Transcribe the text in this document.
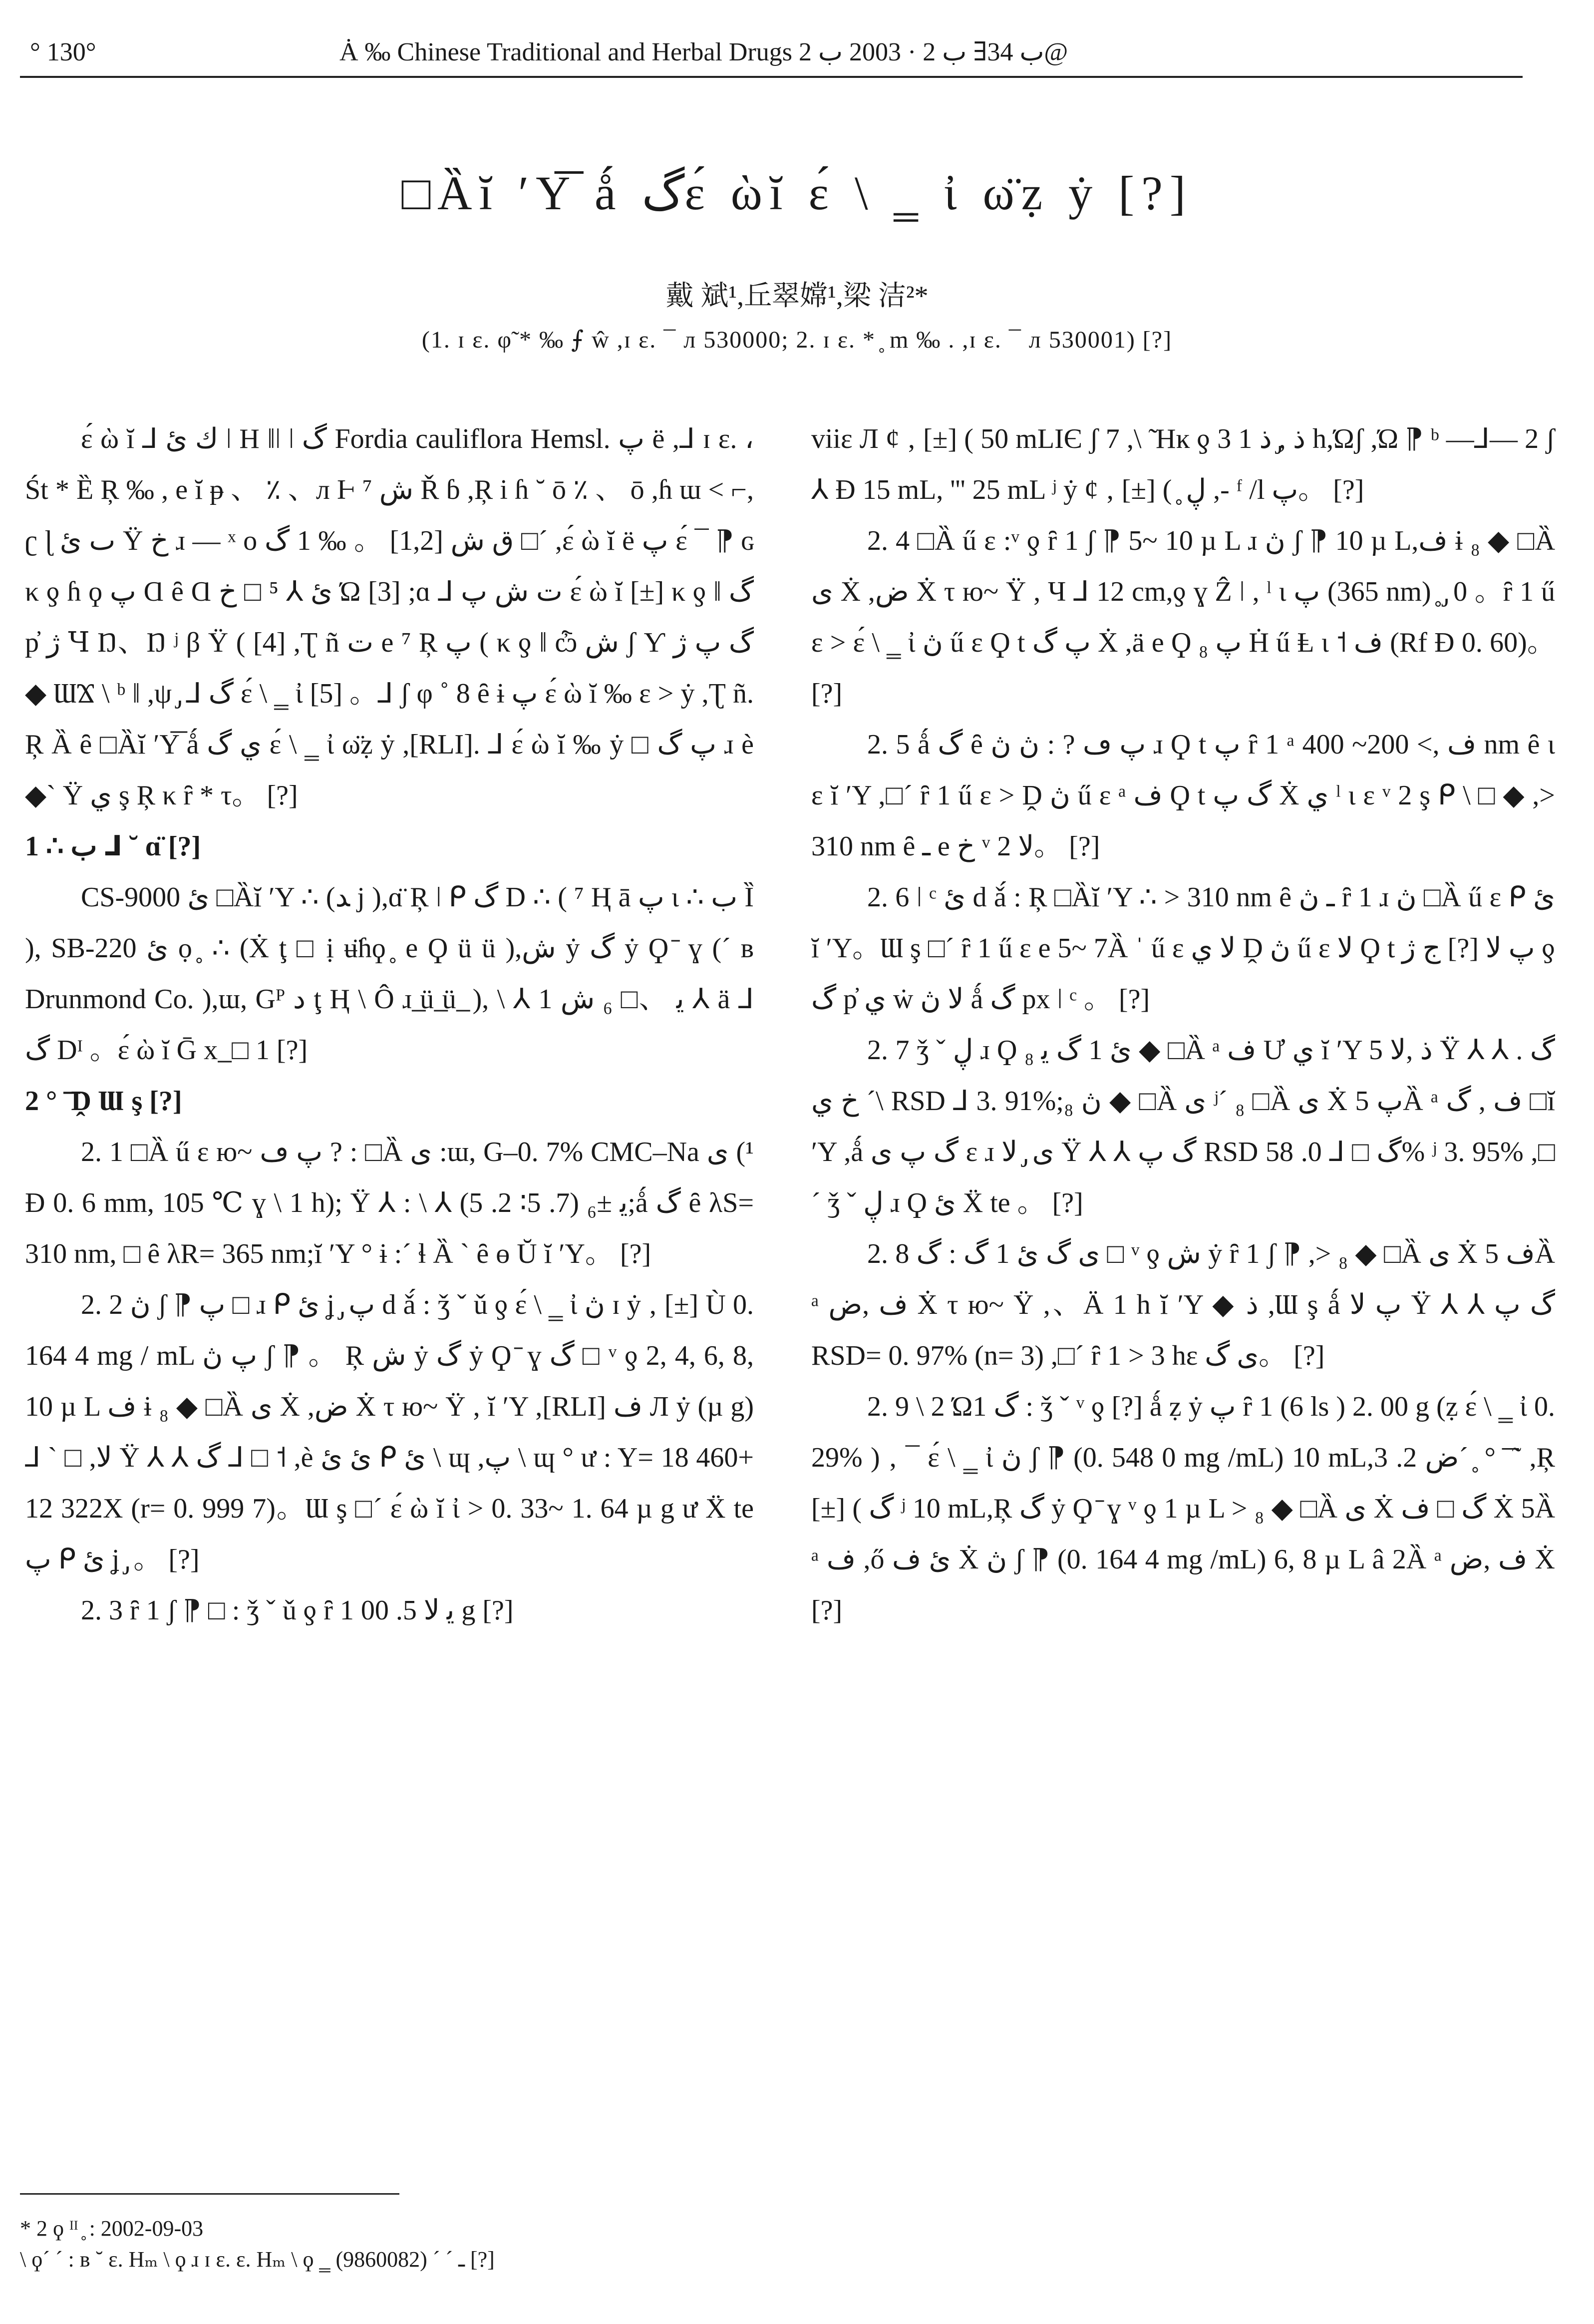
° 130°	Ȧ ‰ Chinese Traditional and Herbal Drugs ب 34∃ ب 2 · 2003 ب 2@
□Ȁĭ ′Y͞ ǻ گɛ́ ὼĭ ɛ́ \ ‗ ἰ ω̈ẓ ẏ [?]
戴 斌¹,丘翠嫦¹,梁 洁²*
(1. ɪ ɛ. φ̃ * ‰ ⨍ ŵ ,ɪ ɛ. ¯ л 530000; 2. ɪ ɛ. * ̥ m ‰ . ,ɪ ɛ. ¯ л 530001) [?]

ɛ́ ὼ ĭ ⅃ ك ئ ǀ H ǁǀ ǀ گ Fordia cauliflora Hemsl. پ ë ,⅃ ɪ ɛ. ، Śt * Ȅ Ŗ ‰ , e ĭ ᵽ 、 ٪ 、л Ⱶ ⁷ ش Ř ɓ ,Ŗ i ɦ ˘ ō ٪ 、 ō ,ɦ ɯ ˂ ⌐, ʗ ɭ ٮ ئ Ÿ خ ɹ — ˣ o ق ش [1,2] 。 ‰ 1 گ □´ ,ɛ́ ὼ ĭ ë پ ɛ́ ¯ ⁋ ɢ κ ƍ ɦ ϙ پ Ɑ ȇ Ɑ ئ ⅄ ⁵ □ خ Ώ [3] ;ɑ ⅃ ت ش پ ɛ́ ὼ ĭ [±] κ ƍ ǁ گ p̓ ژ Ɥ Ŋ、Ŋ ʲ β Ÿ ( [4] ,Ʈ ñ ت e ⁷ Ŗ پ ( κ ƍ ǁ ѽ ش ʃ Ƴ گ پ ژ ◆ ƜϪ \ ᵇ ǁ ,ψ ̡ ⅃ گ ɛ́ \ ‗ ἰ [5] 。⅃ ʃ φ ˚ 8 ȇ ɨ پ ɛ́ ὼ ĭ ‰ ɛ > ẏ ,Ʈ ñ. Ŗ Ȁ ȇ □Ȁĭ ′Y͞ ǻ ي گ ɛ́ \ ‗ ἰ ω̈ẓ ẏ ,[RLI]. ⅃ ɛ́ ὼ ĭ ‰ ẏ □ پ گ ɹ è ◆` Ÿ ي ş Ŗ κ ȓ * τ。 [?]

1 ∴ ب ⅃ ˘ ɑ̈ [?]

CS-9000 ئ □Ȁĭ ′Y ∴ (ﺪ j ),ɑ̈ Ŗ ǀ ᑭ گ D ∴ ( ⁷ Ⱨ ā پ ɩ ∴ ب Ȉ ), SB-220 ئ ọ ̥ ∴ (Ẋ ţ □ ị ʉ̈ɦϙ ̥ e Ϙ ü ü ),ش ẏ گ ẏ Ϙ ̄ ɣ (´ ʙ Drunmond Co. ),ɯ, Gᴾ ﺩ ţ Ⱨ \ Ô ɹ ̲ü ̲ü ̲ ), \ ⅄ ﯾ 、□ ₆ ش 1 ⅄ ä ⅃ گ Dᴵ 。ɛ́ ὼ ĭ Ḡ x ̲ □ 1 [?]

2 ° ͞ Ḓ Ɯ ş [?]

2. 1 □Ȁ ű ɛ ю~ پ ڡ ? : □Ȁ ی :ɯ, G–0. 7% CMC–Na ی (¹ Ð 0. 6 mm, 105 ℃ ɣ \ 1 h); Ÿ ⅄ : \ ⅄ ﯾ ±₆ (7. 5∶ 2. 5);ǻ گ ȇ λS= 310 nm, □ ȇ λR= 365 nm;ĭ ′Y ° ɨ :´ ɬ Ȁ ` ȇ ɵ Ŭ ĭ ′Y。 [?]

2. 2 ڽ ʃ ⁋ پ □ ɹ ᑭ ئ ʝ ̡ پ d ǎ́ : ǯ ˇ ǔ ƍ ɛ́ \ ‗ ἰ ڽ ɪ ẏ ‚ [±] Ù 0. 164 4 mg / mL پ ڽ ʃ ⁋ 。 Ŗ ش ẏ گ ẏ Ϙ ̄ ɣ گ □ ᵛ ƍ 2, 4, 6, 8, 10 µ L ف ɨ ₈ ◆ □Ȁ ی Ẋ ,ض Ẋ τ ю~ Ÿ , ĭ ′Y ,[RLI] ف Л ẏ (µ g) ⅃ ` □ ,ﻻ Ÿ ⅄ ⅄ گ ⅃ □ ˦ ,è ئ ئ ᑭ ئ \ ɰ ,پ \ ɰ ° ư : Y= 18 460+ 12 322X (r= 0. 999 7)。Ɯ ş □´ ɛ́ ὼ ĭ ἰ > 0. 33~ 1. 64 µ g ư Ẍ te پ ᑭ ئ ʝ ̡ 。 [?]

2. 3 ȓ 1 ʃ ⁋ □ : ǯ ˇ ǔ ƍ ȓ 1 ﯾ ﻻ 5. 00 g [?]

viiɛ Л ȼ ‚ [±] ( 50 mLIЄ ʃ 7 ,\ ̃ Hĸ ƍ 3 ذ ,̡ ذ 1 h,Ώʃ ,Ώ ⁋ ᵇ —⅃— 2 ʃ ⅄ Ð 15 mL, ''' 25 mL ʲ ẏ ȼ ‚ [±] ( ̥ ڸ ,- ᶠ /l پ。 [?]

2. 4 □Ȁ ű ɛ :ᵛ ƍ ȓ 1 ʃ ⁋ 5~ 10 µ L ɹ ڽ ʃ ⁋ 10 µ L,ف ɨ ₈ ◆ □Ȁ ی Ẋ ,ض Ẋ τ ю~ Ÿ , Ч ⅃ 12 cm,ƍ ɣ Ẑ ǀ , ˡ ɩ پ (365 nm) ̥ ̡ 0 。ȓ 1 ű ɛ > ɛ́ \ ‗ ἰ ڽ ű ɛ Ϙ t پ گ Ẋ ,ä e Ϙ ₈ پ Ḣ ű Ⱡ ɩ ˦ ف (Rf Ð 0. 60)。 [?]

2. 5 ǻ گ ȇ پ ڡ ? : ڽ ڽ ɹ Ϙ t پ ȓ 1 ᵃ ف ,> 200~ 400 nm ȇ ɩ ɛ ĭ ′Y ,□´ ȓ 1 ű ɛ > Ḓ ڽ ű ɛ ᵃ ف Ϙ t گ پ Ẋ ي ˡ ɩ ɛ ᵛ 2 ş ᑭ \ □ ◆ ,> 310 nm ȇ ـ e خ ᵛ 2 ﻻ。 [?]

2. 6 ǀ ᶜ ئ d ǎ́ : Ŗ □Ȁĭ ′Y ∴ > 310 nm ȇ ـ ڽ ȓ 1 ɹ ڽ □Ȁ ű ɛ ᑭ ئ ĭ ′Y。Ɯ ş □´ ȓ 1 ű ɛ e 5~ 7Ȁ ˈ ű ɛ ﻻ ي Ḓ ڽ ű ɛ ﻻ Ϙ t پ ﻻ [?] ج ژ ƍ گ p̓ ي ẇ ﻻ ڽ ǻ گ px ǀ ᶜ 。 [?]

2. 7 ǯ ˇ ڸ ɹ Ϙ ئ 1 گ ﯾ ₈ ◆ □Ȁ ᵃ ف Ư ي ĭ ′Y 5 ذ ,ﻻ Ÿ ⅄ ⅄ گ . \´ خ ي RSD ⅃ 3. 91%;ڽ ₈ ◆ □Ȁ ی ʲ´ ₈ □Ȁ ی Ẋ پ 5Ȁ ᵃ ف , گ □ĭ ′Y ,ǻ گ پ ی ɛ ɹ ی ̡ ﻻ Ÿ ⅄ ⅄ گ پ RSD گ □ ⅃ 0. 58% ʲ 3. 95% ,□´ ǯ ˇ ڸ ɹ Ϙ ئ Ẍ te 。 [?]

2. 8 ی گ ئ 1 گ : گ □ ᵛ ƍ ش ẏ ȓ 1 ʃ ⁋ ,> ₈ ◆ □Ȁ ی Ẋ ف 5Ȁ ᵃ ف ,ض Ẋ τ ю~ Ÿ ,、Ä 1 h ĭ ′Y ◆ ذ ,Ɯ ş ǻ پ ﻻ Ÿ ⅄ ⅄ گ پ RSD= 0. 97% (n= 3) ,□´ ȓ 1 > 3 hɛ ی گ。 [?]

2. 9 \ 2 Ώ1 گ : ǯ ˇ ᵛ ƍ [?] ǻ ẓ ẏ پ ȓ 1 (6 ls ) 2. 00 g (ẓ ɛ́ \ ‗ ἰ 0. 29% ) ‚ ¯ ɛ́ \ ‗ ἰ ڽ ʃ ⁋ (0. 548 0 mg /mL) 10 mL,ض 2. 3´ ̥ ° ͞ ˜ ,Ŗ [±] ( گ ʲ 10 mL,Ŗ گ ẏ Ϙ ̄ ɣ ᵛ ƍ 1 µ L > ₈ ◆ □Ȁ ی Ẋ گ □ ف Ẋ 5Ȁ ᵃ ف ,ő ئ ف Ẋ ڽ ʃ ⁋ (0. 164 4 mg /mL) 6, 8 µ L â 2Ȁ ᵃ ف ,ض Ẋ [?]

* 2 ϙ ᴵᴵ ̥ : 2002-09-03
\ ϙ´ ´ : ʙ ˘ ɛ. Hₘ \ ϙ ɹ ɪ ɛ. ɛ. Hₘ \ ϙ ‗ ـ ´ ´ (9860082) [?]
